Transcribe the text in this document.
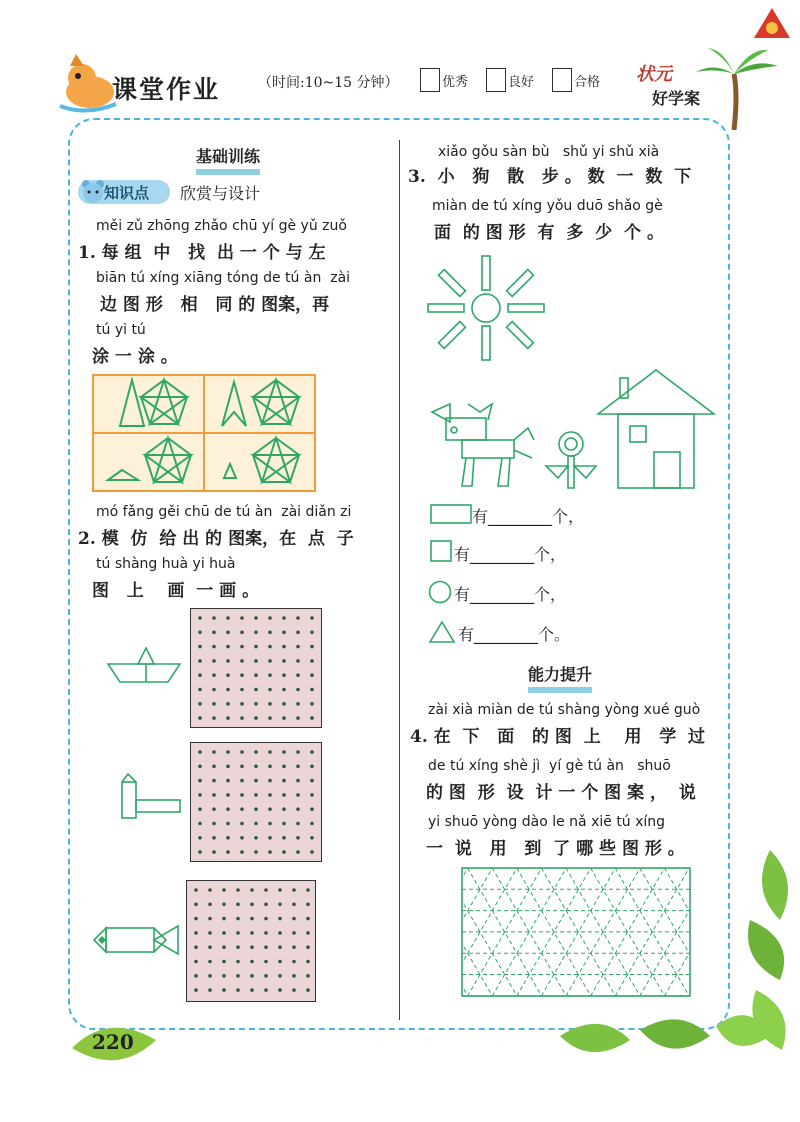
课堂作业	（时间:10~15 分钟）	优秀	良好	合格 状元
好学案
基础训练
知识点 欣赏与设计
měi zǔ zhōng zhǎo chū yí gè yǔ zuǒ
1. 每 组  中   找  出 一 个 与 左
biān tú xíng xiāng tóng de tú àn  zài
边 图 形   相   同 的 图案，再
tú yi tú
涂 一 涂 。
mó fǎng gěi chū de tú àn  zài diǎn zi
2. 模  仿  给 出 的 图案，在  点  子
tú shàng huà yi huà
图   上    画  一 画 。
xiǎo gǒu sàn bù   shǔ yi shǔ xià
3.  小   狗   散   步 。 数  一  数  下
miàn de tú xíng yǒu duō shǎo gè
面  的 图 形  有  多  少  个 。
有________个，
有________个，
有________个，
有________个。
能力提升
zài xià miàn de tú shàng yòng xué guò
4. 在  下   面   的 图  上    用   学  过
de tú xíng shè jì  yí gè tú àn   shuō
的 图  形  设  计 一 个 图 案 ，  说
yi shuō yòng dào le nǎ xiē tú xíng
一  说   用   到  了 哪 些 图 形 。
220
